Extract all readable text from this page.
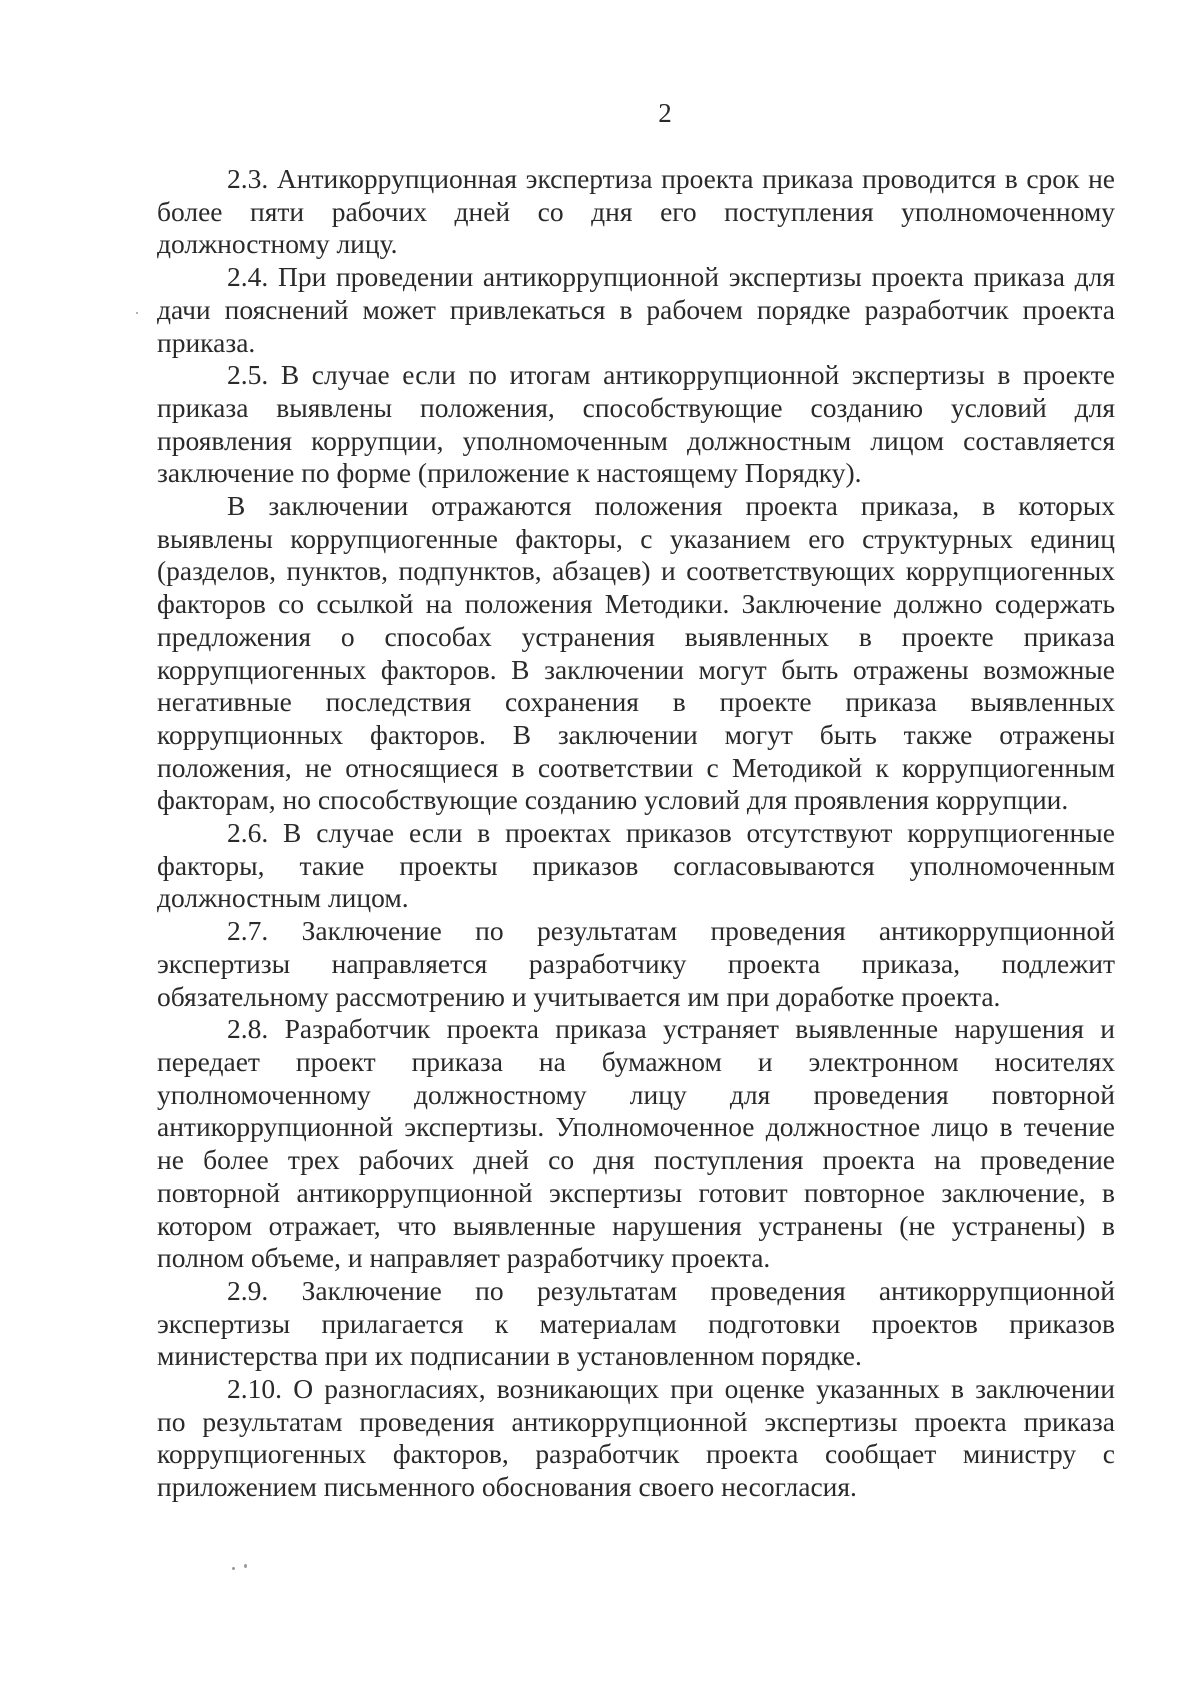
2

2.3. Антикоррупционная экспертиза проекта приказа проводится в срок не более пяти рабочих дней со дня его поступления уполномоченному должностному лицу.

2.4. При проведении антикоррупционной экспертизы проекта приказа для дачи пояснений может привлекаться в рабочем порядке разработчик проекта приказа.

2.5. В случае если по итогам антикоррупционной экспертизы в проекте приказа выявлены положения, способствующие созданию условий для проявления коррупции, уполномоченным должностным лицом составляется заключение по форме (приложение к настоящему Порядку).

В заключении отражаются положения проекта приказа, в которых выявлены коррупциогенные факторы, с указанием его структурных единиц (разделов, пунктов, подпунктов, абзацев) и соответствующих коррупциогенных факторов со ссылкой на положения Методики. Заключение должно содержать предложения о способах устранения выявленных в проекте приказа коррупциогенных факторов. В заключении могут быть отражены возможные негативные последствия сохранения в проекте приказа выявленных коррупционных факторов. В заключении могут быть также отражены положения, не относящиеся в соответствии с Методикой к коррупциогенным факторам, но способствующие созданию условий для проявления коррупции.

2.6. В случае если в проектах приказов отсутствуют коррупциогенные факторы, такие проекты приказов согласовываются уполномоченным должностным лицом.

2.7. Заключение по результатам проведения антикоррупционной экспертизы направляется разработчику проекта приказа, подлежит обязательному рассмотрению и учитывается им при доработке проекта.

2.8. Разработчик проекта приказа устраняет выявленные нарушения и передает проект приказа на бумажном и электронном носителях уполномоченному должностному лицу для проведения повторной антикоррупционной экспертизы. Уполномоченное должностное лицо в течение не более трех рабочих дней со дня поступления проекта на проведение повторной антикоррупционной экспертизы готовит повторное заключение, в котором отражает, что выявленные нарушения устранены (не устранены) в полном объеме, и направляет разработчику проекта.

2.9. Заключение по результатам проведения антикоррупционной экспертизы прилагается к материалам подготовки проектов приказов министерства при их подписании в установленном порядке.

2.10. О разногласиях, возникающих при оценке указанных в заключении по результатам проведения антикоррупционной экспертизы проекта приказа коррупциогенных факторов, разработчик проекта сообщает министру с приложением письменного обоснования своего несогласия.
